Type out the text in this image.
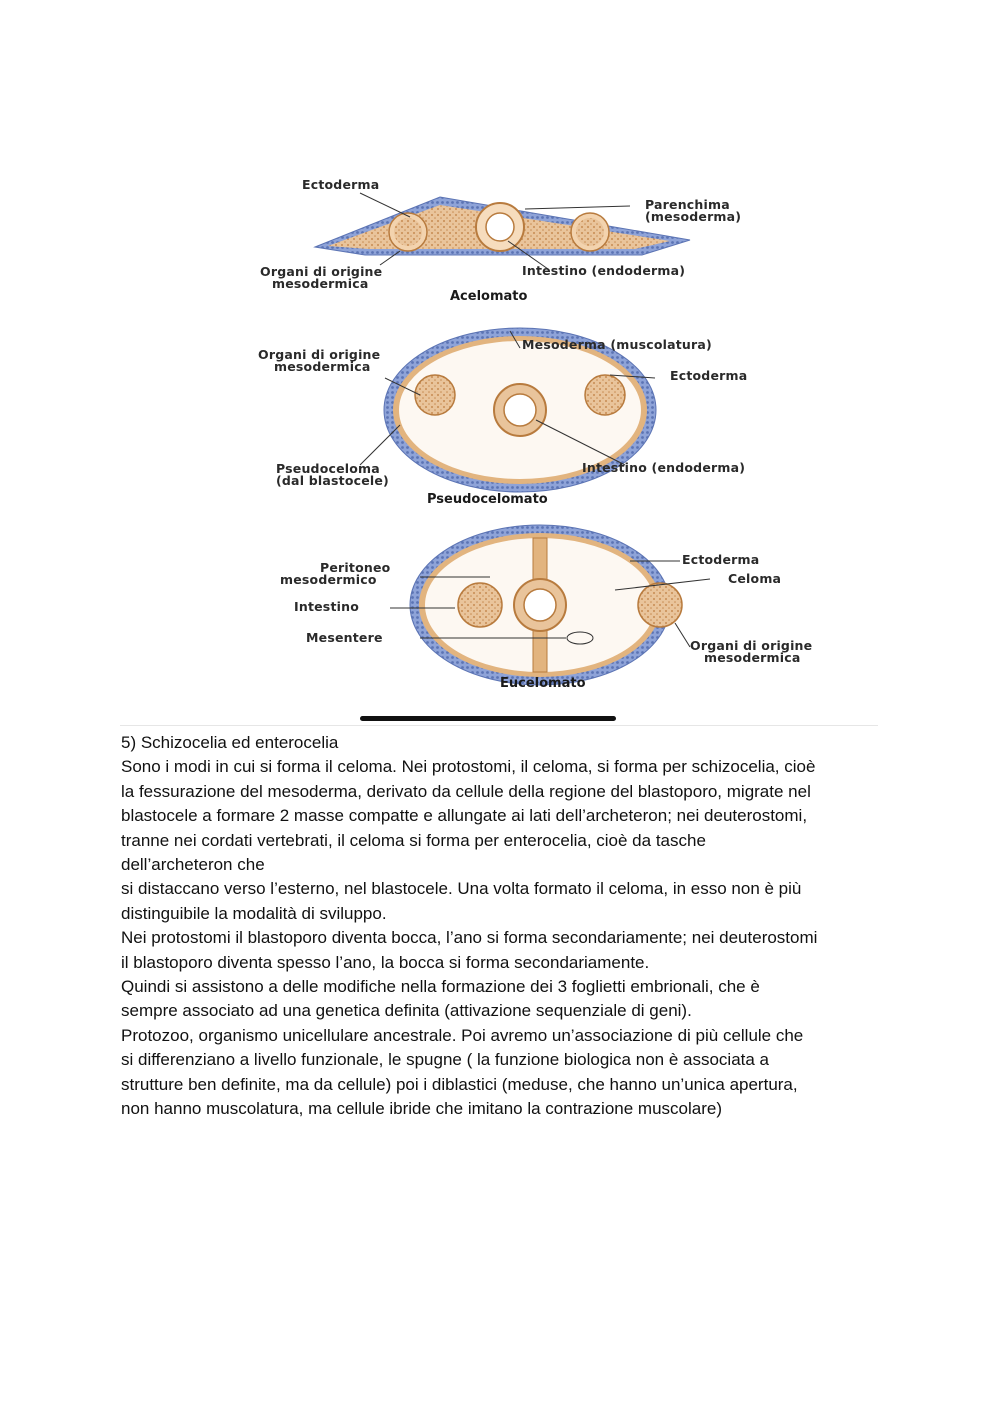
Ectoderma
Parenchima
(mesoderma)
Organi di origine
mesodermica
Intestino (endoderma)
Acelomato
Organi di origine
mesodermica
Mesoderma (muscolatura)
Ectoderma
Pseudoceloma
(dal blastocele)
Intestino (endoderma)
Pseudocelomato
Peritoneo
mesodermico
Intestino
Mesentere
Ectoderma
Celoma
Organi di origine
mesodermica
Eucelomato

5) Schizocelia ed enterocelia

Sono i modi in cui si forma il celoma. Nei protostomi, il celoma, si forma per schizocelia, cioè

la fessurazione del mesoderma, derivato da cellule della regione del blastoporo, migrate nel

blastocele a formare 2 masse compatte e allungate ai lati dell’archeteron; nei deuterostomi,

tranne nei cordati vertebrati, il celoma si forma per enterocelia, cioè da tasche

dell’archeteron che

si distaccano verso l’esterno, nel blastocele. Una volta formato il celoma, in esso non è più

distinguibile la modalità di sviluppo.

Nei protostomi il blastoporo diventa bocca, l’ano si forma secondariamente; nei deuterostomi

il blastoporo diventa spesso l’ano, la bocca si forma secondariamente.

Quindi si assistono a delle modifiche nella formazione dei 3 foglietti embrionali, che è

sempre associato ad una genetica definita (attivazione sequenziale di geni).

Protozoo, organismo unicellulare ancestrale. Poi avremo un’associazione di più cellule che

si differenziano a livello funzionale, le spugne ( la funzione biologica non è associata a

strutture ben definite, ma da cellule) poi i diblastici (meduse, che hanno un’unica apertura,

non hanno muscolatura, ma cellule ibride che imitano la contrazione muscolare)
